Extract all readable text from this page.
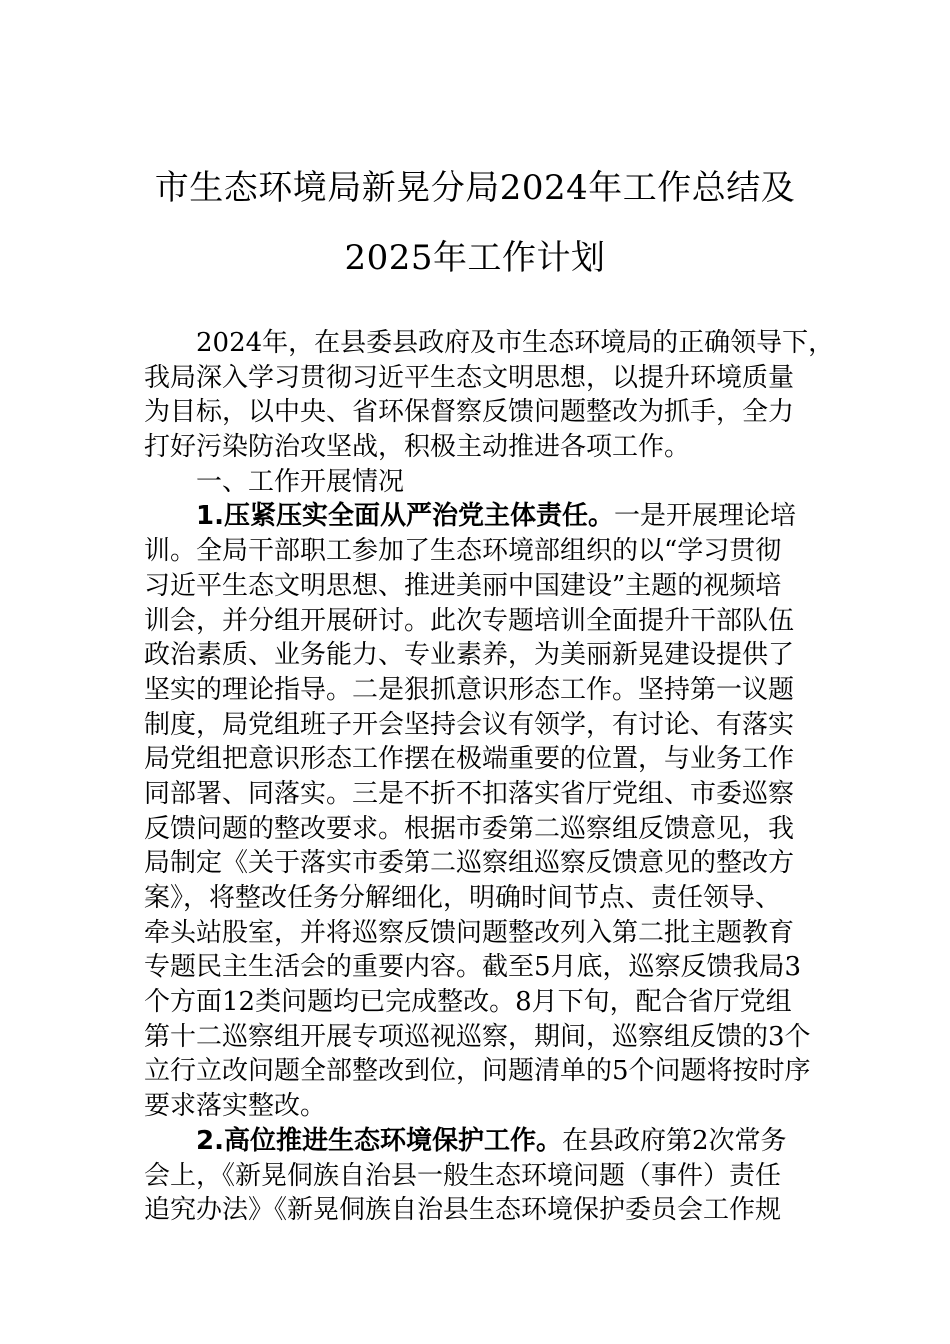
市生态环境局新晃分局2024年工作总结及
2025年工作计划
2024年，在县委县政府及市生态环境局的正确领导下，
我局深入学习贯彻习近平生态文明思想，以提升环境质量
为目标，以中央、省环保督察反馈问题整改为抓手，全力
打好污染防治攻坚战，积极主动推进各项工作。
一、工作开展情况
1.压紧压实全面从严治党主体责任。一是开展理论培
训。全局干部职工参加了生态环境部组织的以“学习贯彻
习近平生态文明思想、推进美丽中国建设”主题的视频培
训会，并分组开展研讨。此次专题培训全面提升干部队伍
政治素质、业务能力、专业素养，为美丽新晃建设提供了
坚实的理论指导。二是狠抓意识形态工作。坚持第一议题
制度，局党组班子开会坚持会议有领学，有讨论、有落实
局党组把意识形态工作摆在极端重要的位置，与业务工作
同部署、同落实。三是不折不扣落实省厅党组、市委巡察
反馈问题的整改要求。根据市委第二巡察组反馈意见，我
局制定《关于落实市委第二巡察组巡察反馈意见的整改方
案》，将整改任务分解细化，明确时间节点、责任领导、
牵头站股室，并将巡察反馈问题整改列入第二批主题教育
专题民主生活会的重要内容。截至5月底，巡察反馈我局3
个方面12类问题均已完成整改。8月下旬，配合省厅党组
第十二巡察组开展专项巡视巡察，期间，巡察组反馈的3个
立行立改问题全部整改到位，问题清单的5个问题将按时序
要求落实整改。
2.高位推进生态环境保护工作。在县政府第2次常务
会上，《新晃侗族自治县一般生态环境问题（事件）责任
追究办法》《新晃侗族自治县生态环境保护委员会工作规
